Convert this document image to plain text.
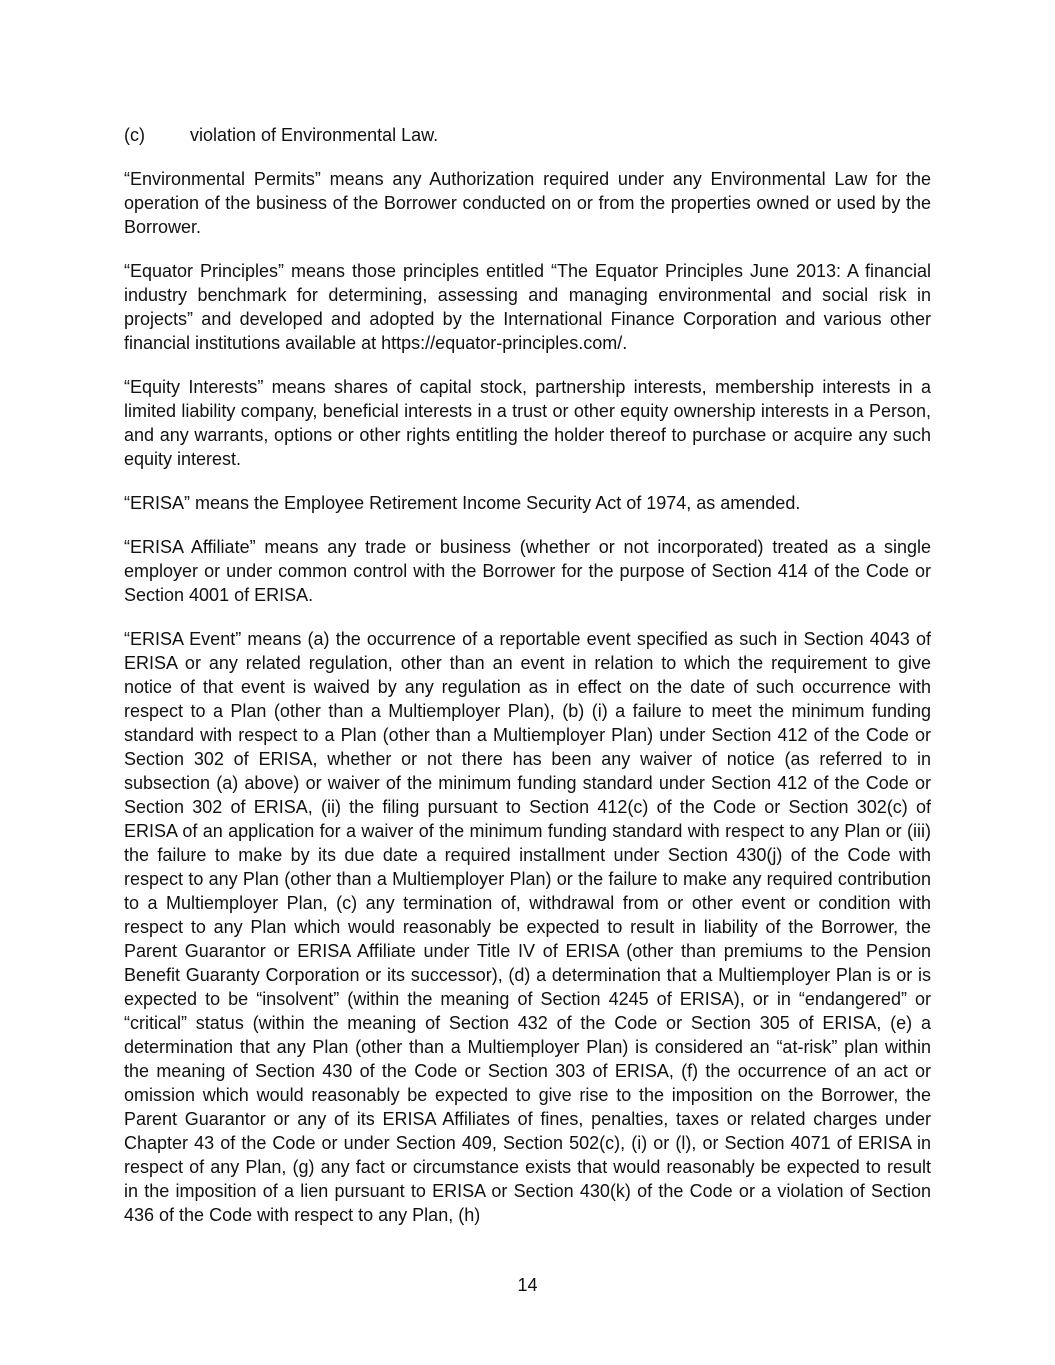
(c)	violation of Environmental Law.

“Environmental Permits” means any Authorization required under any Environmental Law for the operation of the business of the Borrower conducted on or from the properties owned or used by the Borrower.

“Equator Principles” means those principles entitled “The Equator Principles June 2013: A financial industry benchmark for determining, assessing and managing environmental and social risk in projects” and developed and adopted by the International Finance Corporation and various other financial institutions available at https://equator-principles.com/.

“Equity Interests” means shares of capital stock, partnership interests, membership interests in a limited liability company, beneficial interests in a trust or other equity ownership interests in a Person, and any warrants, options or other rights entitling the holder thereof to purchase or acquire any such equity interest.

“ERISA” means the Employee Retirement Income Security Act of 1974, as amended.

“ERISA Affiliate” means any trade or business (whether or not incorporated) treated as a single employer or under common control with the Borrower for the purpose of Section 414 of the Code or Section 4001 of ERISA.

“ERISA Event” means (a) the occurrence of a reportable event specified as such in Section 4043 of ERISA or any related regulation, other than an event in relation to which the requirement to give notice of that event is waived by any regulation as in effect on the date of such occurrence with respect to a Plan (other than a Multiemployer Plan), (b) (i) a failure to meet the minimum funding standard with respect to a Plan (other than a Multiemployer Plan) under Section 412 of the Code or Section 302 of ERISA, whether or not there has been any waiver of notice (as referred to in subsection (a) above) or waiver of the minimum funding standard under Section 412 of the Code or Section 302 of ERISA, (ii) the filing pursuant to Section 412(c) of the Code or Section 302(c) of ERISA of an application for a waiver of the minimum funding standard with respect to any Plan or (iii) the failure to make by its due date a required installment under Section 430(j) of the Code with respect to any Plan (other than a Multiemployer Plan) or the failure to make any required contribution to a Multiemployer Plan, (c) any termination of, withdrawal from or other event or condition with respect to any Plan which would reasonably be expected to result in liability of the Borrower, the Parent Guarantor or ERISA Affiliate under Title IV of ERISA (other than premiums to the Pension Benefit Guaranty Corporation or its successor), (d) a determination that a Multiemployer Plan is or is expected to be “insolvent” (within the meaning of Section 4245 of ERISA), or in “endangered” or “critical” status (within the meaning of Section 432 of the Code or Section 305 of ERISA, (e) a determination that any Plan (other than a Multiemployer Plan) is considered an “at-risk” plan within the meaning of Section 430 of the Code or Section 303 of ERISA, (f) the occurrence of an act or omission which would reasonably be expected to give rise to the imposition on the Borrower, the Parent Guarantor or any of its ERISA Affiliates of fines, penalties, taxes or related charges under Chapter 43 of the Code or under Section 409, Section 502(c), (i) or (l), or Section 4071 of ERISA in respect of any Plan, (g) any fact or circumstance exists that would reasonably be expected to result in the imposition of a lien pursuant to ERISA or Section 430(k) of the Code or a violation of Section 436 of the Code with respect to any Plan, (h)

14
